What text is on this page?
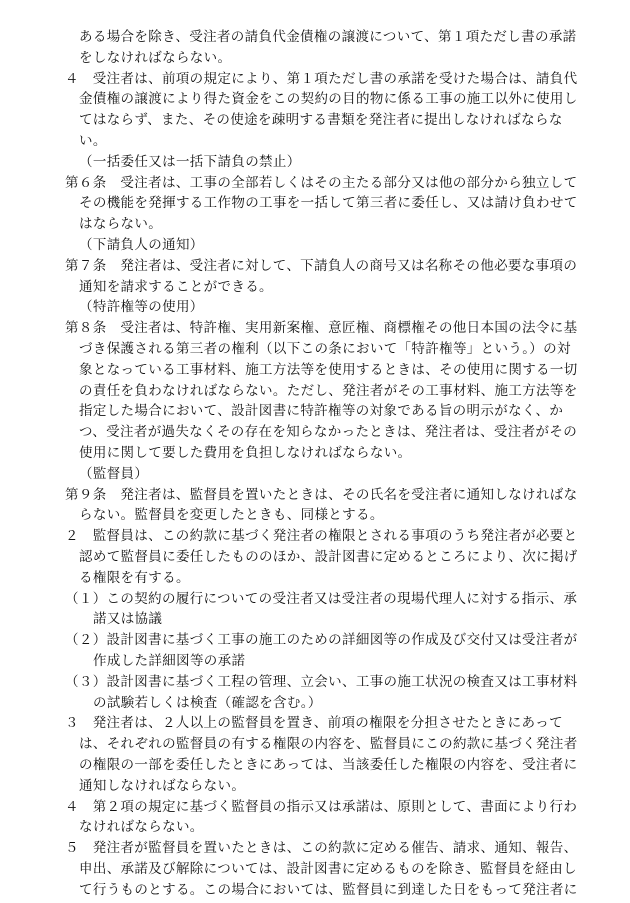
ある場合を除き、受注者の請負代金債権の譲渡について、第１項ただし書の承諾
をしなければならない。
４　受注者は、前項の規定により、第１項ただし書の承諾を受けた場合は、請負代
金債権の譲渡により得た資金をこの契約の目的物に係る工事の施工以外に使用し
てはならず、また、その使途を疎明する書類を発注者に提出しなければならな
い。
（一括委任又は一括下請負の禁止）
第６条　受注者は、工事の全部若しくはその主たる部分又は他の部分から独立して
その機能を発揮する工作物の工事を一括して第三者に委任し、又は請け負わせて
はならない。
（下請負人の通知）
第７条　発注者は、受注者に対して、下請負人の商号又は名称その他必要な事項の
通知を請求することができる。
（特許権等の使用）
第８条　受注者は、特許権、実用新案権、意匠権、商標権その他日本国の法令に基
づき保護される第三者の権利（以下この条において「特許権等」という。）の対
象となっている工事材料、施工方法等を使用するときは、その使用に関する一切
の責任を負わなければならない。ただし、発注者がその工事材料、施工方法等を
指定した場合において、設計図書に特許権等の対象である旨の明示がなく、か
つ、受注者が過失なくその存在を知らなかったときは、発注者は、受注者がその
使用に関して要した費用を負担しなければならない。
（監督員）
第９条　発注者は、監督員を置いたときは、その氏名を受注者に通知しなければな
らない。監督員を変更したときも、同様とする。
２　監督員は、この約款に基づく発注者の権限とされる事項のうち発注者が必要と
認めて監督員に委任したもののほか、設計図書に定めるところにより、次に掲げ
る権限を有する。
（１）この契約の履行についての受注者又は受注者の現場代理人に対する指示、承
諾又は協議
（２）設計図書に基づく工事の施工のための詳細図等の作成及び交付又は受注者が
作成した詳細図等の承諾
（３）設計図書に基づく工程の管理、立会い、工事の施工状況の検査又は工事材料
の試験若しくは検査（確認を含む。）
３　発注者は、２人以上の監督員を置き、前項の権限を分担させたときにあって
は、それぞれの監督員の有する権限の内容を、監督員にこの約款に基づく発注者
の権限の一部を委任したときにあっては、当該委任した権限の内容を、受注者に
通知しなければならない。
４　第２項の規定に基づく監督員の指示又は承諾は、原則として、書面により行わ
なければならない。
５　発注者が監督員を置いたときは、この約款に定める催告、請求、通知、報告、
申出、承諾及び解除については、設計図書に定めるものを除き、監督員を経由し
て行うものとする。この場合においては、監督員に到達した日をもって発注者に
